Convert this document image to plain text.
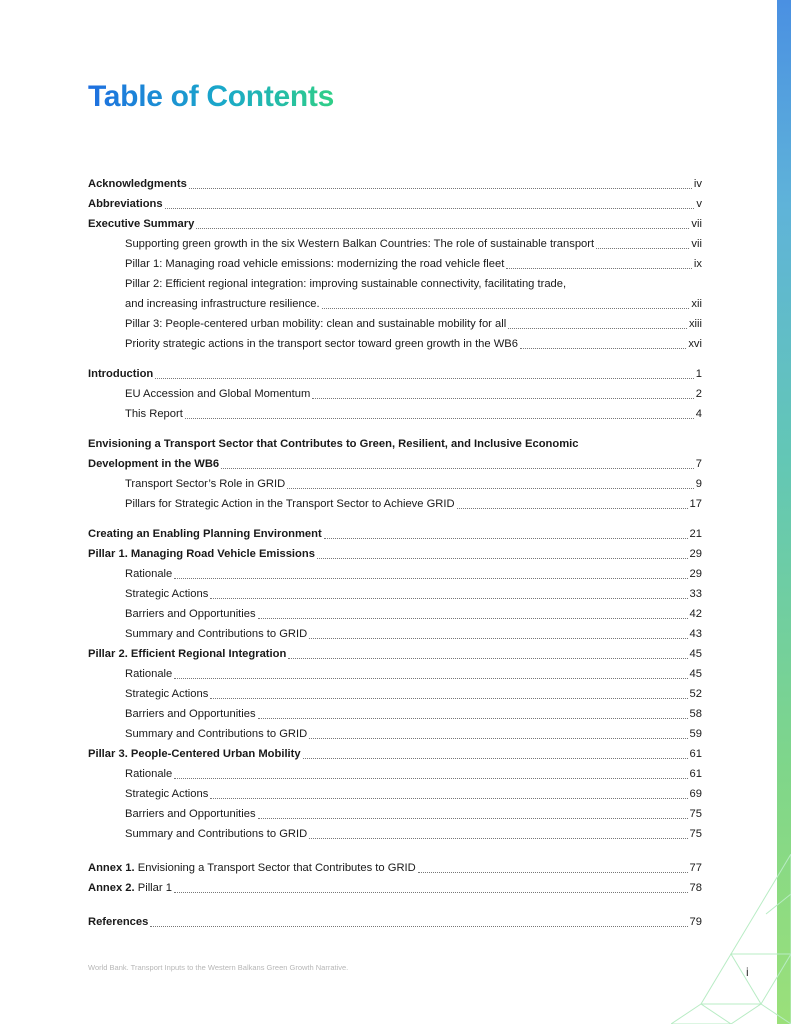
Table of Contents
Acknowledgments	iv
Abbreviations	v
Executive Summary	vii
Supporting green growth in the six Western Balkan Countries: The role of sustainable transport	vii
Pillar 1: Managing road vehicle emissions: modernizing the road vehicle fleet	ix
Pillar 2: Efficient regional integration: improving sustainable connectivity, facilitating trade,
and increasing infrastructure resilience.	xii
Pillar 3: People-centered urban mobility: clean and sustainable mobility for all	xiii
Priority strategic actions in the transport sector toward green growth in the WB6	xvi
Introduction	1
EU Accession and Global Momentum	2
This Report	4
Envisioning a Transport Sector that Contributes to Green, Resilient, and Inclusive Economic
Development in the WB6	7
Transport Sector’s Role in GRID	9
Pillars for Strategic Action in the Transport Sector to Achieve GRID	17
Creating an Enabling Planning Environment	21
Pillar 1. Managing Road Vehicle Emissions	29
Rationale	29
Strategic Actions	33
Barriers and Opportunities	42
Summary and Contributions to GRID	43
Pillar 2. Efficient Regional Integration	45
Rationale	45
Strategic Actions	52
Barriers and Opportunities	58
Summary and Contributions to GRID	59
Pillar 3. People-Centered Urban Mobility	61
Rationale	61
Strategic Actions	69
Barriers and Opportunities	75
Summary and Contributions to GRID	75
Annex 1. Envisioning a Transport Sector that Contributes to GRID	77
Annex 2. Pillar 1	78
References	79
World Bank. Transport Inputs to the Western Balkans Green Growth Narrative.	i
